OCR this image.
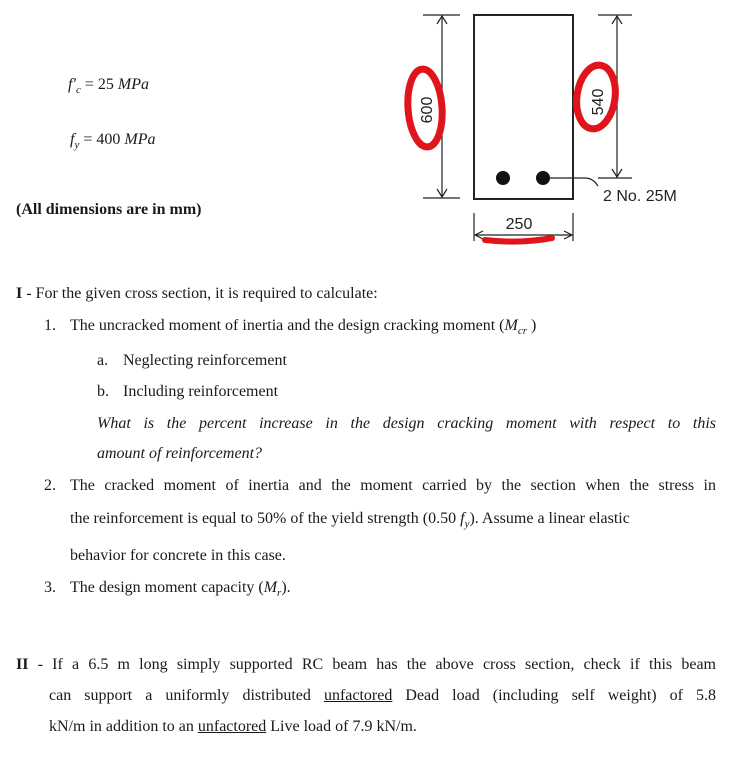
$f'_c = 25$ MPa
$f_y = 400$ MPa
(All dimensions are in mm)
600	540
250
2 No. 25M
I - For the given cross section, it is required to calculate:
1. The uncracked moment of inertia and the design cracking moment ($M_{cr}$ )
a. Neglecting reinforcement
b. Including reinforcement
What is the percent increase in the design cracking moment with respect to this
amount of reinforcement?
2. The cracked moment of inertia and the moment carried by the section when the stress in
the reinforcement is equal to 50% of the yield strength (0.50 $f_y$). Assume a linear elastic
behavior for concrete in this case.
3. The design moment capacity $(M_r)$.
II - If a 6.5 m long simply supported RC beam has the above cross section, check if this beam
can support a uniformly distributed unfactored Dead load (including self weight) of 5.8
kN/m in addition to an unfactored Live load of 7.9 kN/m.
